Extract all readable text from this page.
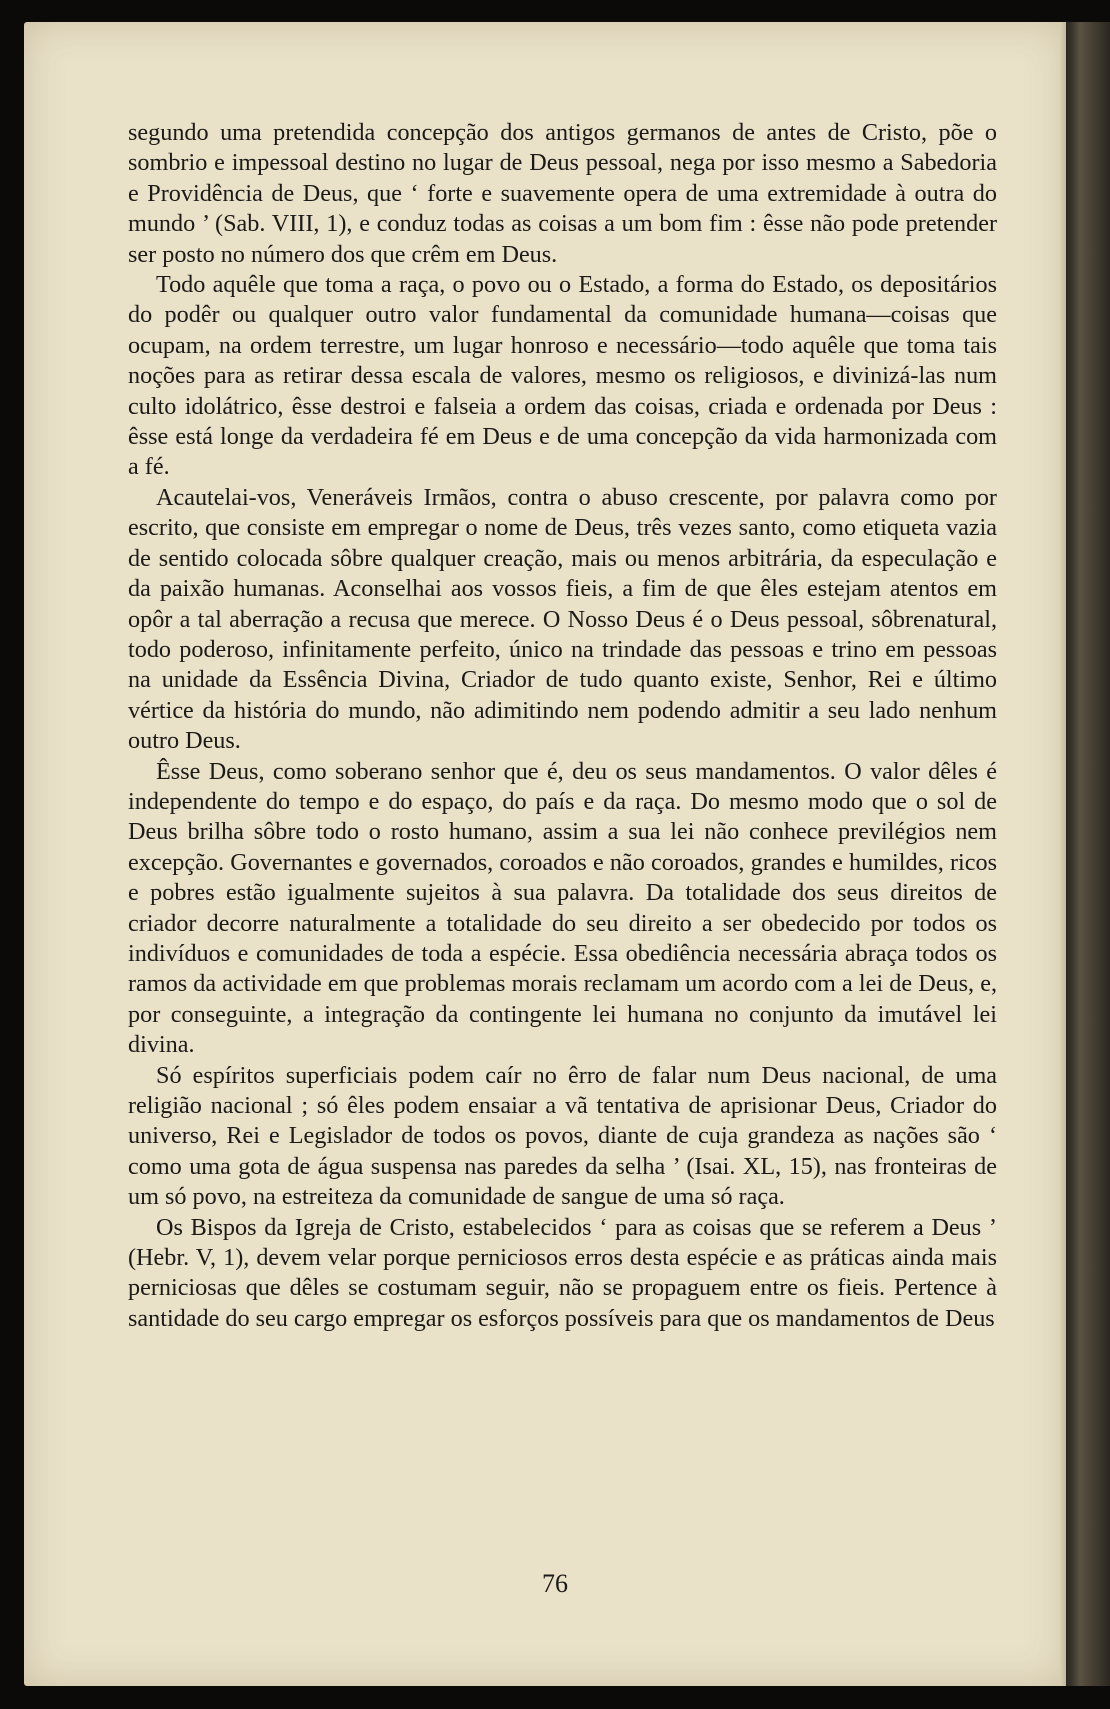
segundo uma pretendida concepção dos antigos germanos de antes de Cristo, põe o sombrio e impessoal destino no lugar de Deus pessoal, nega por isso mesmo a Sabedoria e Providência de Deus, que ‘ forte e suavemente opera de uma extremidade à outra do mundo ’ (Sab. VIII, 1), e conduz todas as coisas a um bom fim : êsse não pode pretender ser posto no número dos que crêm em Deus.

Todo aquêle que toma a raça, o povo ou o Estado, a forma do Estado, os depositários do podêr ou qualquer outro valor fundamental da comunidade humana—coisas que ocupam, na ordem terrestre, um lugar honroso e necessário—todo aquêle que toma tais noções para as retirar dessa escala de valores, mesmo os religiosos, e divinizá-las num culto idolátrico, êsse destroi e falseia a ordem das coisas, criada e ordenada por Deus : êsse está longe da verdadeira fé em Deus e de uma concepção da vida harmonizada com a fé.

Acautelai-vos, Veneráveis Irmãos, contra o abuso crescente, por palavra como por escrito, que consiste em empregar o nome de Deus, três vezes santo, como etiqueta vazia de sentido colocada sôbre qualquer creação, mais ou menos arbitrária, da especulação e da paixão humanas. Aconselhai aos vossos fieis, a fim de que êles estejam atentos em opôr a tal aberração a recusa que merece. O Nosso Deus é o Deus pessoal, sôbrenatural, todo poderoso, infinitamente perfeito, único na trindade das pessoas e trino em pessoas na unidade da Essência Divina, Criador de tudo quanto existe, Senhor, Rei e último vértice da história do mundo, não adimitindo nem podendo admitir a seu lado nenhum outro Deus.

Êsse Deus, como soberano senhor que é, deu os seus mandamentos. O valor dêles é independente do tempo e do espaço, do país e da raça. Do mesmo modo que o sol de Deus brilha sôbre todo o rosto humano, assim a sua lei não conhece previlégios nem excepção. Governantes e governados, coroados e não coroados, grandes e humildes, ricos e pobres estão igualmente sujeitos à sua palavra. Da totalidade dos seus direitos de criador decorre naturalmente a totalidade do seu direito a ser obedecido por todos os indivíduos e comunidades de toda a espécie. Essa obediência necessária abraça todos os ramos da actividade em que problemas morais reclamam um acordo com a lei de Deus, e, por conseguinte, a integração da contingente lei humana no conjunto da imutável lei divina.

Só espíritos superficiais podem caír no êrro de falar num Deus nacional, de uma religião nacional ; só êles podem ensaiar a vã tentativa de aprisionar Deus, Criador do universo, Rei e Legislador de todos os povos, diante de cuja grandeza as nações são ‘ como uma gota de água suspensa nas paredes da selha ’ (Isai. XL, 15), nas fronteiras de um só povo, na estreiteza da comunidade de sangue de uma só raça.

Os Bispos da Igreja de Cristo, estabelecidos ‘ para as coisas que se referem a Deus ’ (Hebr. V, 1), devem velar porque perniciosos erros desta espécie e as práticas ainda mais perniciosas que dêles se costumam seguir, não se propaguem entre os fieis. Pertence à santidade do seu cargo empregar os esforços possíveis para que os mandamentos de Deus

76
